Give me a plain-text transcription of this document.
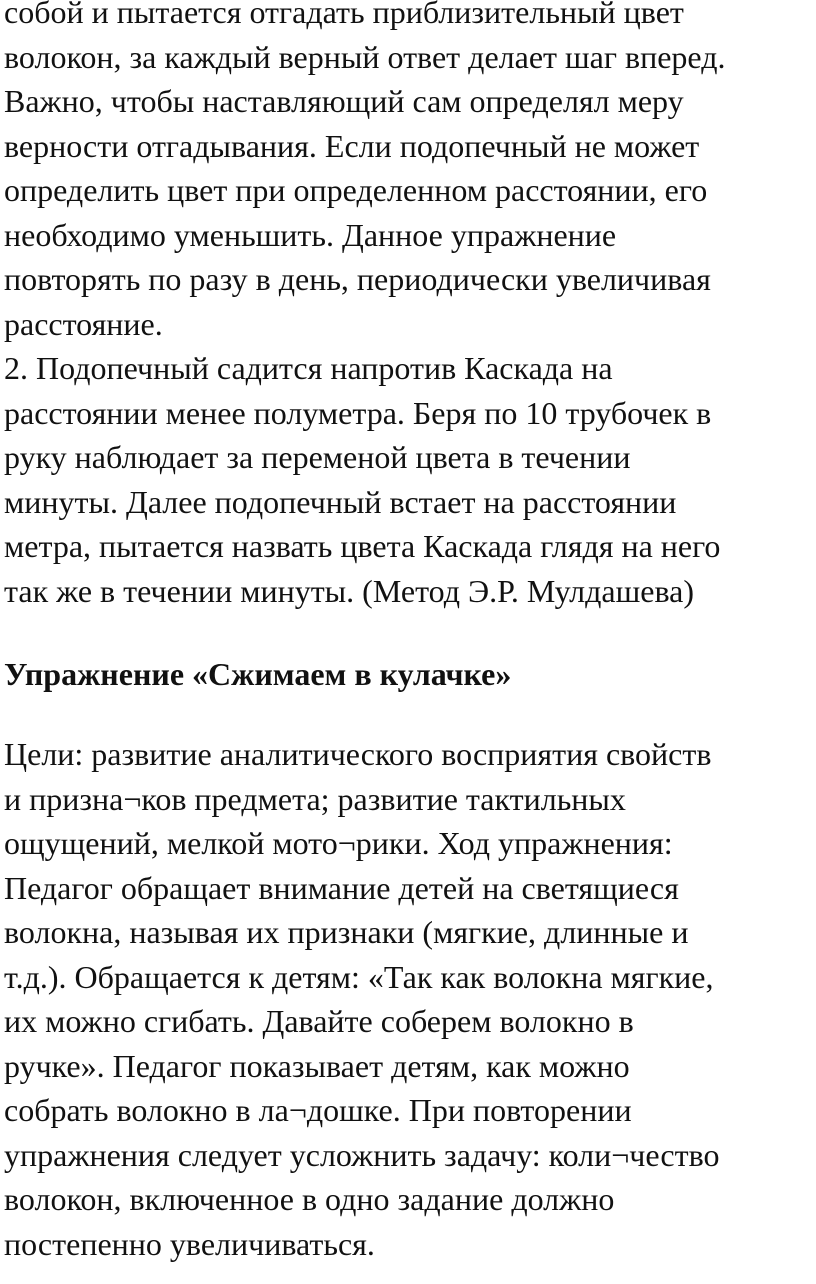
собой и пытается отгадать приблизительный цвет
волокон, за каждый верный ответ делает шаг вперед.
Важно, чтобы наставляющий сам определял меру
верности отгадывания. Если подопечный не может
определить цвет при определенном расстоянии, его
необходимо уменьшить. Данное упражнение
повторять по разу в день, периодически увеличивая
расстояние.
2. Подопечный садится напротив Каскада на
расстоянии менее полуметра. Беря по 10 трубочек в
руку наблюдает за переменой цвета в течении
минуты. Далее подопечный встает на расстоянии
метра, пытается назвать цвета Каскада глядя на него
так же в течении минуты. (Метод Э.Р. Мулдашева)
Упражнение «Сжимаем в кулачке»
Цели: развитие аналитического восприятия свойств
и призна¬ков предмета; развитие тактильных
ощущений, мелкой мото¬рики. Ход упражнения:
Педагог обращает внимание детей на светящиеся
волокна, называя их признаки (мягкие, длинные и
т.д.). Обращается к детям: «Так как волокна мягкие,
их можно сгибать. Давайте соберем волокно в
ручке». Педагог показывает детям, как можно
собрать волокно в ла¬дошке. При повторении
упражнения следует усложнить задачу: коли¬чество
волокон, включенное в одно задание должно
постепенно увеличиваться.
